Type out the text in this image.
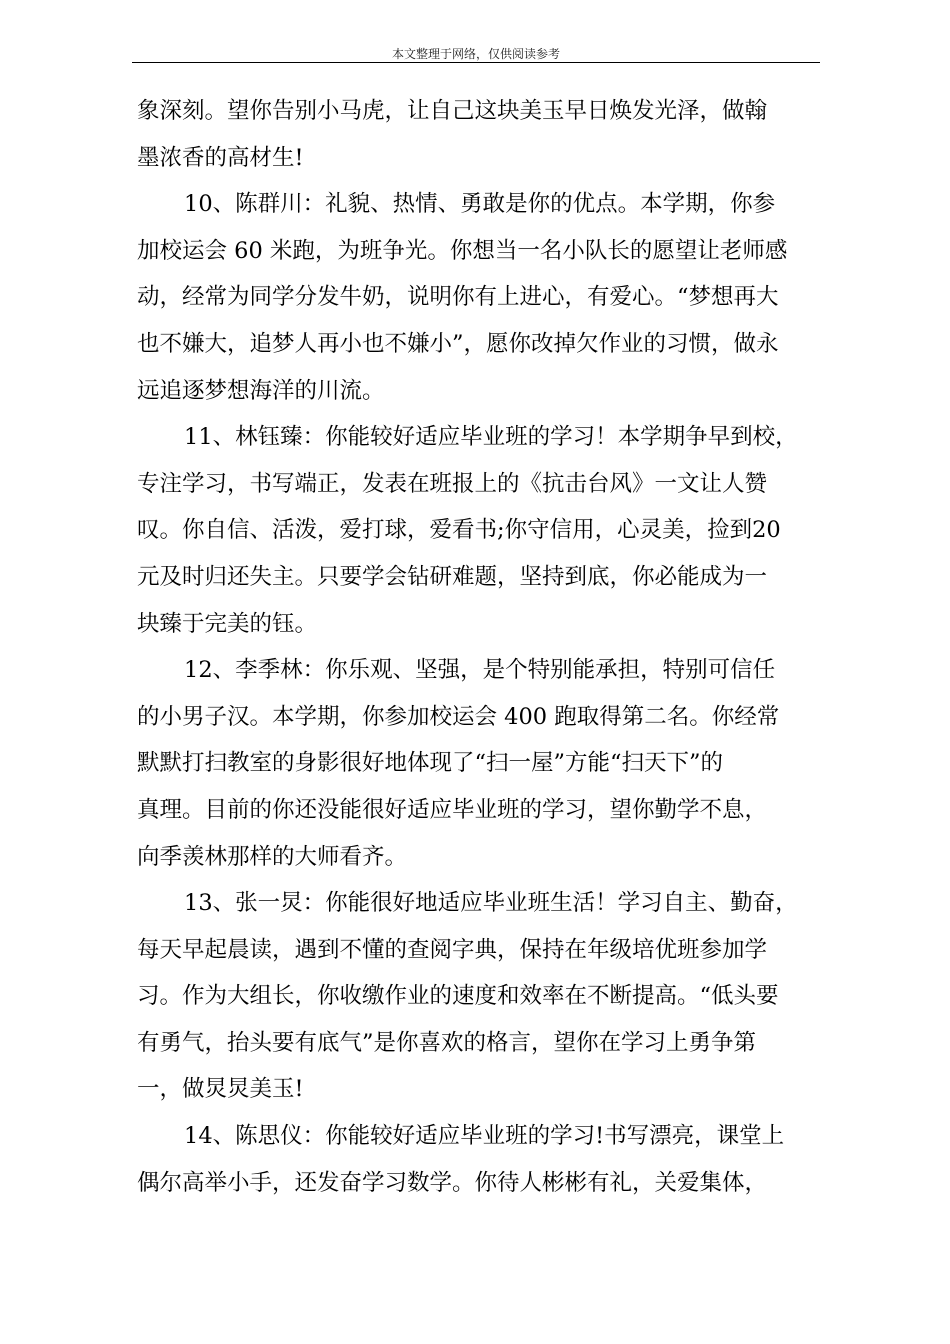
本文整理于网络，仅供阅读参考

象深刻。望你告别小马虎，让自己这块美玉早日焕发光泽，做翰
墨浓香的高材生!

10、陈群川：礼貌、热情、勇敢是你的优点。本学期，你参
加校运会 60 米跑，为班争光。你想当一名小队长的愿望让老师感
动，经常为同学分发牛奶，说明你有上进心，有爱心。“梦想再大
也不嫌大，追梦人再小也不嫌小”，愿你改掉欠作业的习惯，做永
远追逐梦想海洋的川流。

11、林钰臻：你能较好适应毕业班的学习！本学期争早到校，
专注学习，书写端正，发表在班报上的《抗击台风》一文让人赞
叹。你自信、活泼，爱打球，爱看书;你守信用，心灵美，捡到20
元及时归还失主。只要学会钻研难题，坚持到底，你必能成为一
块臻于完美的钰。

12、李季林：你乐观、坚强，是个特别能承担，特别可信任
的小男子汉。本学期，你参加校运会 400 跑取得第二名。你经常
默默打扫教室的身影很好地体现了“扫一屋”方能“扫天下”的
真理。目前的你还没能很好适应毕业班的学习，望你勤学不息，
向季羡林那样的大师看齐。

13、张一炅：你能很好地适应毕业班生活！学习自主、勤奋，
每天早起晨读，遇到不懂的查阅字典，保持在年级培优班参加学
习。作为大组长，你收缴作业的速度和效率在不断提高。“低头要
有勇气，抬头要有底气”是你喜欢的格言，望你在学习上勇争第
一，做炅炅美玉!

14、陈思仪：你能较好适应毕业班的学习!书写漂亮，课堂上
偶尔高举小手，还发奋学习数学。你待人彬彬有礼，关爱集体，
